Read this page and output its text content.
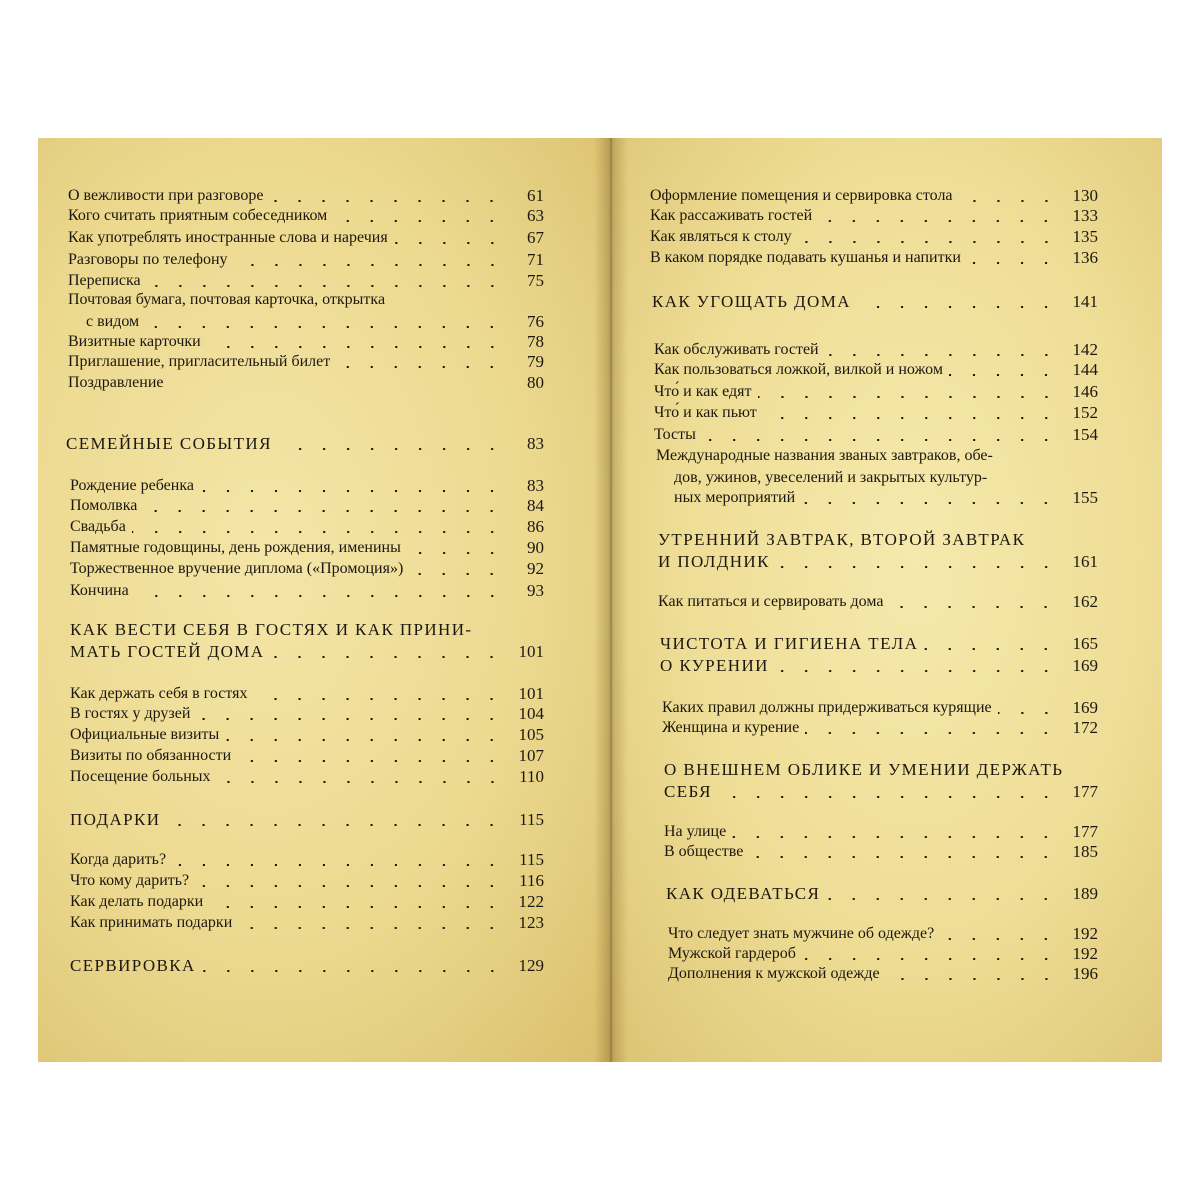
О вежливости при разговоре	61
Кого считать приятным собеседником	63
Как употреблять иностранные слова и наречия	67
Разговоры по телефону	71
Переписка	75
Почтовая бумага, почтовая карточка, открытка
с видом	76
Визитные карточки	78
Приглашение, пригласительный билет	79
Поздравление	80
СЕМЕЙНЫЕ СОБЫТИЯ	83
Рождение ребенка	83
Помолвка	84
Свадьба	86
Памятные годовщины, день рождения, именины	90
Торжественное вручение диплома («Промоция»)	92
Кончина	93
КАК ВЕСТИ СЕБЯ В ГОСТЯХ И КАК ПРИНИ-
МАТЬ ГОСТЕЙ ДОМА	101
Как держать себя в гостях	101
В гостях у друзей	104
Официальные визиты	105
Визиты по обязанности	107
Посещение больных	110
ПОДАРКИ	115
Когда дарить?	115
Что кому дарить?	116
Как делать подарки	122
Как принимать подарки	123
СЕРВИРОВКА	129
Оформление помещения и сервировка стола	130
Как рассаживать гостей	133
Как являться к столу	135
В каком порядке подавать кушанья и напитки	136
КАК УГОЩАТЬ ДОМА	141
Как обслуживать гостей	142
Как пользоваться ложкой, вилкой и ножом	144
Что́ и как едят	146
Что́ и как пьют	152
Тосты	154
Международные названия званых завтраков, обе-
дов, ужинов, увеселений и закрытых культур-
ных мероприятий	155
УТРЕННИЙ ЗАВТРАК, ВТОРОЙ ЗАВТРАК
И ПОЛДНИК	161
Как питаться и сервировать дома	162
ЧИСТОТА И ГИГИЕНА ТЕЛА	165
О КУРЕНИИ	169
Каких правил должны придерживаться курящие	169
Женщина и курение	172
О ВНЕШНЕМ ОБЛИКЕ И УМЕНИИ ДЕРЖАТЬ
СЕБЯ	177
На улице	177
В обществе	185
КАК ОДЕВАТЬСЯ	189
Что следует знать мужчине об одежде?	192
Мужской гардероб	192
Дополнения к мужской одежде	196
